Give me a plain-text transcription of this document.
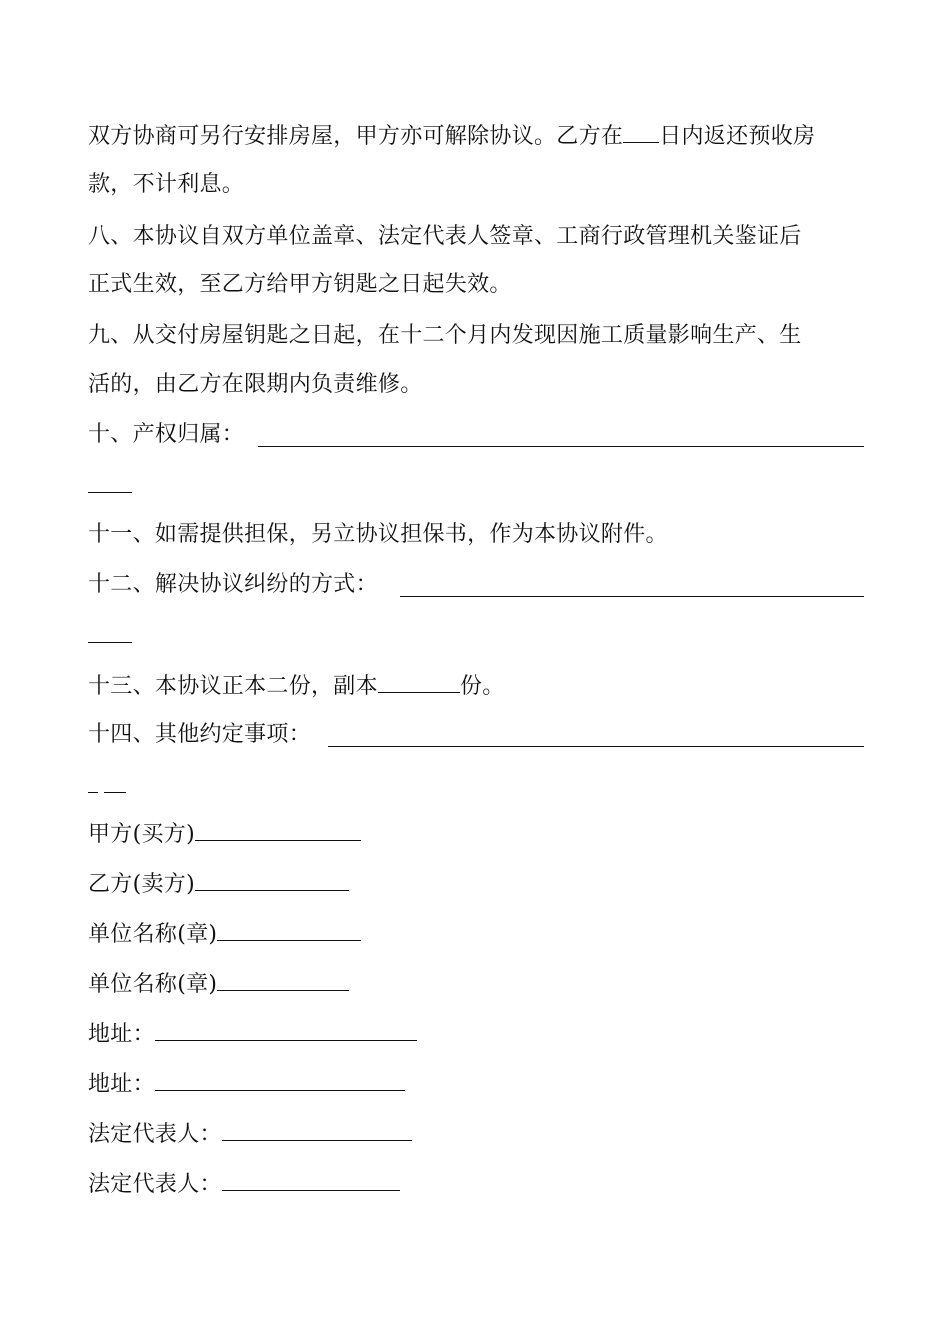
双方协商可另行安排房屋，甲方亦可解除协议。乙方在 日内返还预收房
款，不计利息。
八、本协议自双方单位盖章、法定代表人签章、工商行政管理机关鉴证后
正式生效，至乙方给甲方钥匙之日起失效。
九、从交付房屋钥匙之日起，在十二个月内发现因施工质量影响生产、生
活的，由乙方在限期内负责维修。
十、产权归属：
十一、如需提供担保，另立协议担保书，作为本协议附件。
十二、解决协议纠纷的方式：
十三、本协议正本二份，副本	份。
十四、其他约定事项：
甲方(买方)
乙方(卖方)
单位名称(章)
单位名称(章)
地址：
地址：
法定代表人：
法定代表人：
